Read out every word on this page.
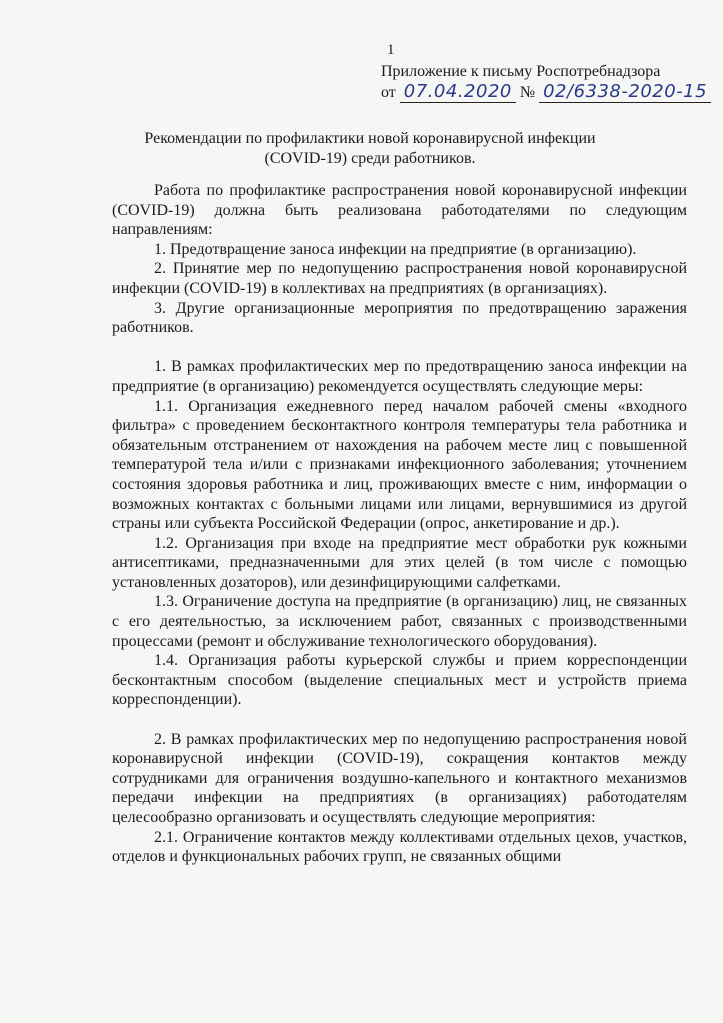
1
Приложение к письму Роспотребнадзора
от 07.04.2020 № 02/6338-2020-15
Рекомендации по профилактики новой коронавирусной инфекции
(COVID-19) среди работников.

Работа по профилактике распространения новой коронавирусной инфекции (COVID-19) должна быть реализована работодателями по следующим направлениям:

1. Предотвращение заноса инфекции на предприятие (в организацию).

2. Принятие мер по недопущению распространения новой коронавирусной инфекции (COVID-19) в коллективах на предприятиях (в организациях).

3. Другие организационные мероприятия по предотвращению заражения работников.

1. В рамках профилактических мер по предотвращению заноса инфекции на предприятие (в организацию) рекомендуется осуществлять следующие меры:

1.1. Организация ежедневного перед началом рабочей смены «входного фильтра» с проведением бесконтактного контроля температуры тела работника и обязательным отстранением от нахождения на рабочем месте лиц с повышенной температурой тела и/или с признаками инфекционного заболевания; уточнением состояния здоровья работника и лиц, проживающих вместе с ним, информации о возможных контактах с больными лицами или лицами, вернувшимися из другой страны или субъекта Российской Федерации (опрос, анкетирование и др.).

1.2. Организация при входе на предприятие мест обработки рук кожными антисептиками, предназначенными для этих целей (в том числе с помощью установленных дозаторов), или дезинфицирующими салфетками.

1.3. Ограничение доступа на предприятие (в организацию) лиц, не связанных с его деятельностью, за исключением работ, связанных с производственными процессами (ремонт и обслуживание технологического оборудования).

1.4. Организация работы курьерской службы и прием корреспонденции бесконтактным способом (выделение специальных мест и устройств приема корреспонденции).

2. В рамках профилактических мер по недопущению распространения новой коронавирусной инфекции (COVID-19), сокращения контактов между сотрудниками для ограничения воздушно-капельного и контактного механизмов передачи инфекции на предприятиях (в организациях) работодателям целесообразно организовать и осуществлять следующие мероприятия:

2.1. Ограничение контактов между коллективами отдельных цехов, участков, отделов и функциональных рабочих групп, не связанных общими
